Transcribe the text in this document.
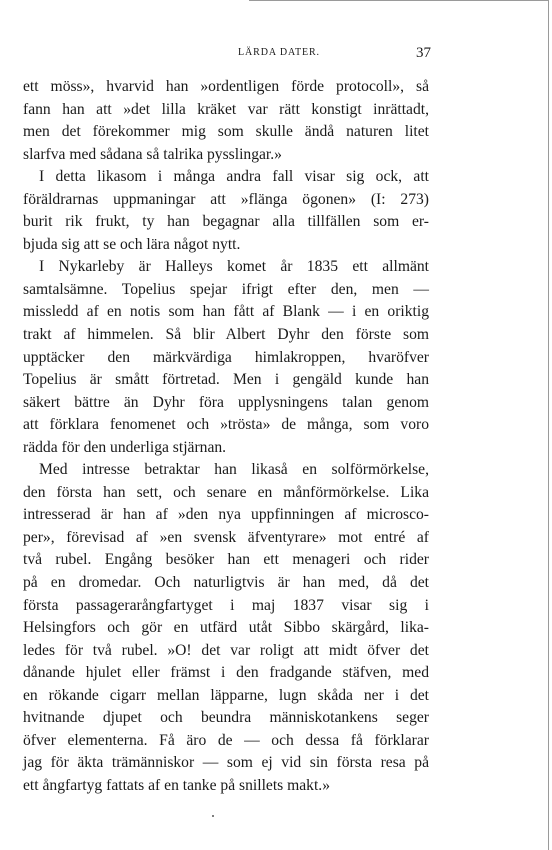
LÄRDA DATER.	37
ett möss», hvarvid han »ordentligen förde protocoll», så
fann han att »det lilla kräket var rätt konstigt inrättadt,
men det förekommer mig som skulle ändå naturen litet
slarfva med sådana så talrika pysslingar.»
I detta likasom i många andra fall visar sig ock, att
föräldrarnas uppmaningar att »flänga ögonen» (I: 273)
burit rik frukt, ty han begagnar alla tillfällen som er-
bjuda sig att se och lära något nytt.
I Nykarleby är Halleys komet år 1835 ett allmänt
samtalsämne. Topelius spejar ifrigt efter den, men —
missledd af en notis som han fått af Blank — i en oriktig
trakt af himmelen. Så blir Albert Dyhr den förste som
upptäcker den märkvärdiga himlakroppen, hvaröfver
Topelius är smått förtretad. Men i gengäld kunde han
säkert bättre än Dyhr föra upplysningens talan genom
att förklara fenomenet och »trösta» de många, som voro
rädda för den underliga stjärnan.
Med intresse betraktar han likaså en solförmörkelse,
den första han sett, och senare en månförmörkelse. Lika
intresserad är han af »den nya uppfinningen af microsco-
per», förevisad af »en svensk äfventyrare» mot entré af
två rubel. Engång besöker han ett menageri och rider
på en dromedar. Och naturligtvis är han med, då det
första passagerarångfartyget i maj 1837 visar sig i
Helsingfors och gör en utfärd utåt Sibbo skärgård, lika-
ledes för två rubel. »O! det var roligt att midt öfver det
dånande hjulet eller främst i den fradgande stäfven, med
en rökande cigarr mellan läpparne, lugn skåda ner i det
hvitnande djupet och beundra människotankens seger
öfver elementerna. Få äro de — och dessa få förklarar
jag för äkta trämänniskor — som ej vid sin första resa på
ett ångfartyg fattats af en tanke på snillets makt.»
